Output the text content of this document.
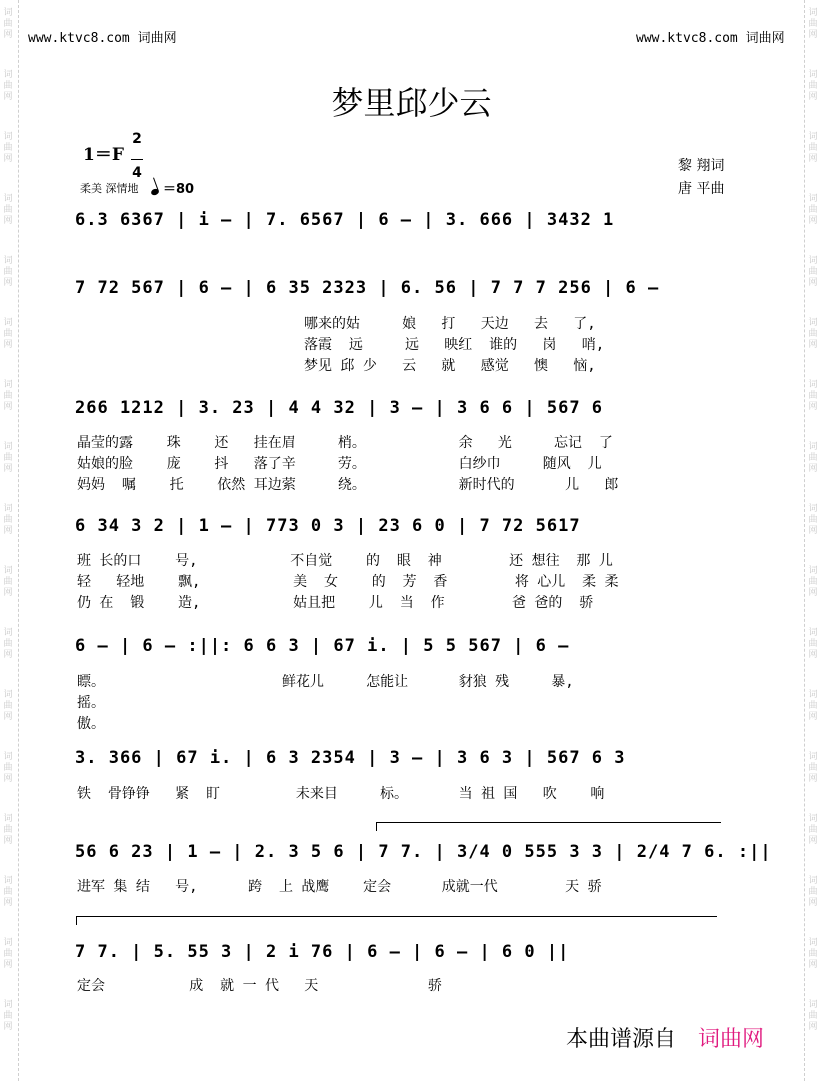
词
曲
网
词
曲
网
词
曲
网
词
曲
网
词
曲
网
词
曲
网
词
曲
网
词
曲
网
词
曲
网
词
曲
网
词
曲
网
词
曲
网
词
曲
网
词
曲
网
词
曲
网
词
曲
网
词
曲
网
词
曲
网
词
曲
网
词
曲
网
词
曲
网
词
曲
网
词
曲
网
词
曲
网
词
曲
网
词
曲
网
词
曲
网
词
曲
网
词
曲
网
词
曲
网
词
曲
网
词
曲
网
词
曲
网
词
曲
网
www.ktvc8.com 词曲网	www.ktvc8.com 词曲网
梦里邱少云
1＝F
2
4
柔美 深情地	＝80
黎 翔词
唐 平曲
6.3 6367 | i – | 7. 6567 | 6 – | 3. 666 | 3432 1
7 72 567 | 6 – | 6 35 2323 | 6. 56 | 7 7 7 256 | 6 –
266 1212 | 3. 23 | 4 4 32 | 3 – | 3 6 6 | 567 6
6 34 3 2 | 1 – | 773 0 3 | 23 6 0 | 7 72 5617
6 – | 6 – :||: 6 6 3 | 67 i. | 5 5 567 | 6 –
3. 366 | 67 i. | 6 3 2354 | 3 – | 3 6 3 | 567 6 3
56 6 23 | 1 – | 2. 3 5 6 | 7 7. | 3/4 0 555 3 3 | 2/4 7 6. :||
7 7. | 5. 55 3 | 2 i 76 | 6 – | 6 – | 6 0 ||
哪来的姑     娘   打   天边   去   了,
落霞  远     远   映红  谁的   岗   哨,
梦见 邱 少   云   就   感觉   懊   恼,
晶莹的露    珠    还   挂在眉     梢。           余   光     忘记  了
姑娘的脸    庞    抖   落了辛     劳。           白纱巾     随风  儿
妈妈  嘱    托    依然 耳边萦     绕。           新时代的      儿   郎
班 长的口    号,           不自觉    的  眼  神        还 想往  那 儿
轻   轻地    飘,           美  女    的  芳  香        将 心儿  柔 柔
仍 在  锻    造,           姑且把    儿  当  作        爸 爸的  骄
瞟。                     鲜花儿     怎能让      豺狼 残     暴,
摇。
傲。
铁  骨铮铮   紧  盯         未来目     标。      当 祖 国   吹    响
进军 集 结   号,      跨  上 战鹰    定会      成就一代        天 骄
定会          成  就 一 代   天             骄
本曲谱源自 词曲网
